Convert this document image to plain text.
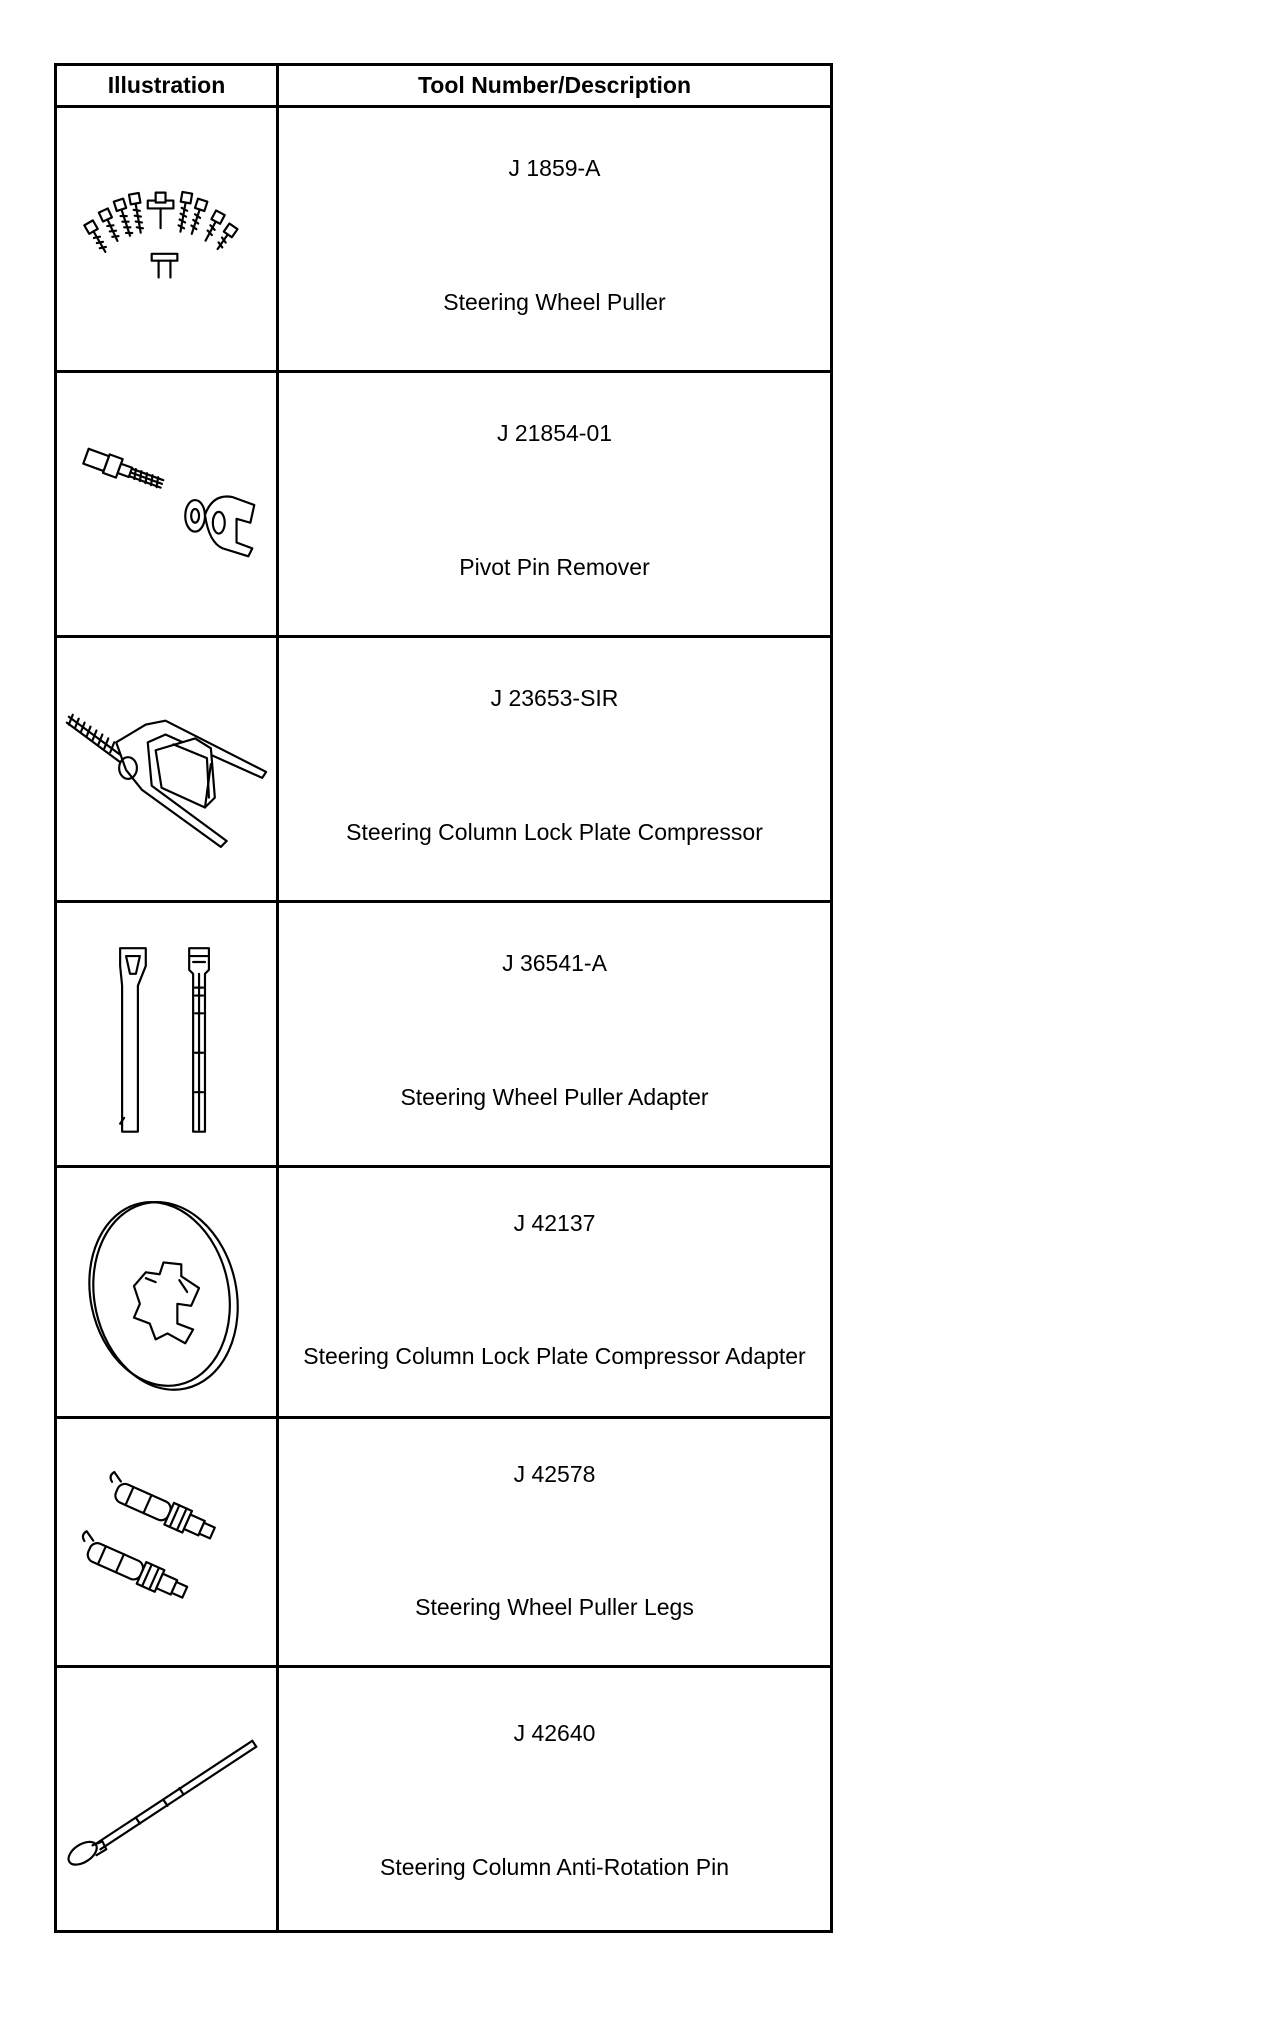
Illustration	Tool Number/Description

J 1859-A
Steering Wheel Puller

J 21854-01
Pivot Pin Remover

J 23653-SIR
Steering Column Lock Plate Compressor

J 36541-A
Steering Wheel Puller Adapter

J 42137
Steering Column Lock Plate Compressor Adapter

J 42578
Steering Wheel Puller Legs

J 42640
Steering Column Anti-Rotation Pin
